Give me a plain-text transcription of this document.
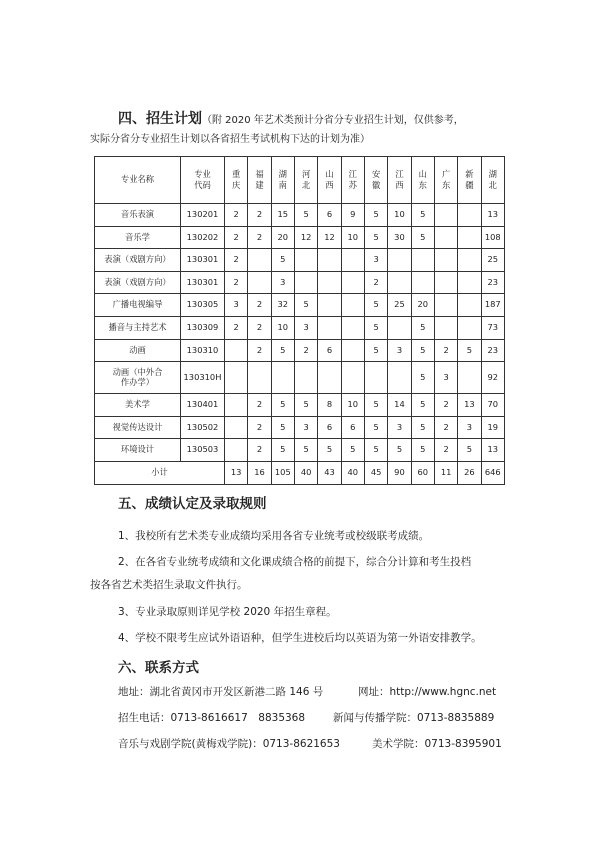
四、招生计划（附 2020 年艺术类预计分省分专业招生计划，仅供参考，
实际分省分专业招生计划以各省招生考试机构下达的计划为准）
专业名称	专业代码	重庆	福建	湖南	河北	山西	江苏	安徽	江西	山东	广东	新疆	湖北
音乐表演	130201	2	2	15	5	6	9	5	10	5			13
音乐学	130202	2	2	20	12	12	10	5	30	5			108
表演（戏剧方向）	130301	2		5				3					25
表演（戏剧方向）	130301	2		3				2					23
广播电视编导	130305	3	2	32	5			5	25	20			187
播音与主持艺术	130309	2	2	10	3			5		5			73
动画	130310		2	5	2	6		5	3	5	2	5	23
动画（中外合作办学）	130310H									5	3		92
美术学	130401		2	5	5	8	10	5	14	5	2	13	70
视觉传达设计	130502		2	5	3	6	6	5	3	5	2	3	19
环境设计	130503		2	5	5	5	5	5	5	5	2	5	13
小计		13	16	105	40	43	40	45	90	60	11	26	646
五、成绩认定及录取规则
1、我校所有艺术类专业成绩均采用各省专业统考或校级联考成绩。
2、在各省专业统考成绩和文化课成绩合格的前提下，综合分计算和考生投档
按各省艺术类招生录取文件执行。
3、专业录取原则详见学校 2020 年招生章程。
4、学校不限考生应试外语语种，但学生进校后均以英语为第一外语安排教学。
六、联系方式
地址：湖北省黄冈市开发区新港二路 146 号	网址：http://www.hgnc.net
招生电话：0713-8616617　8835368	新闻与传播学院：0713-8835889
音乐与戏剧学院(黄梅戏学院)：0713-8621653	美术学院：0713-8395901
